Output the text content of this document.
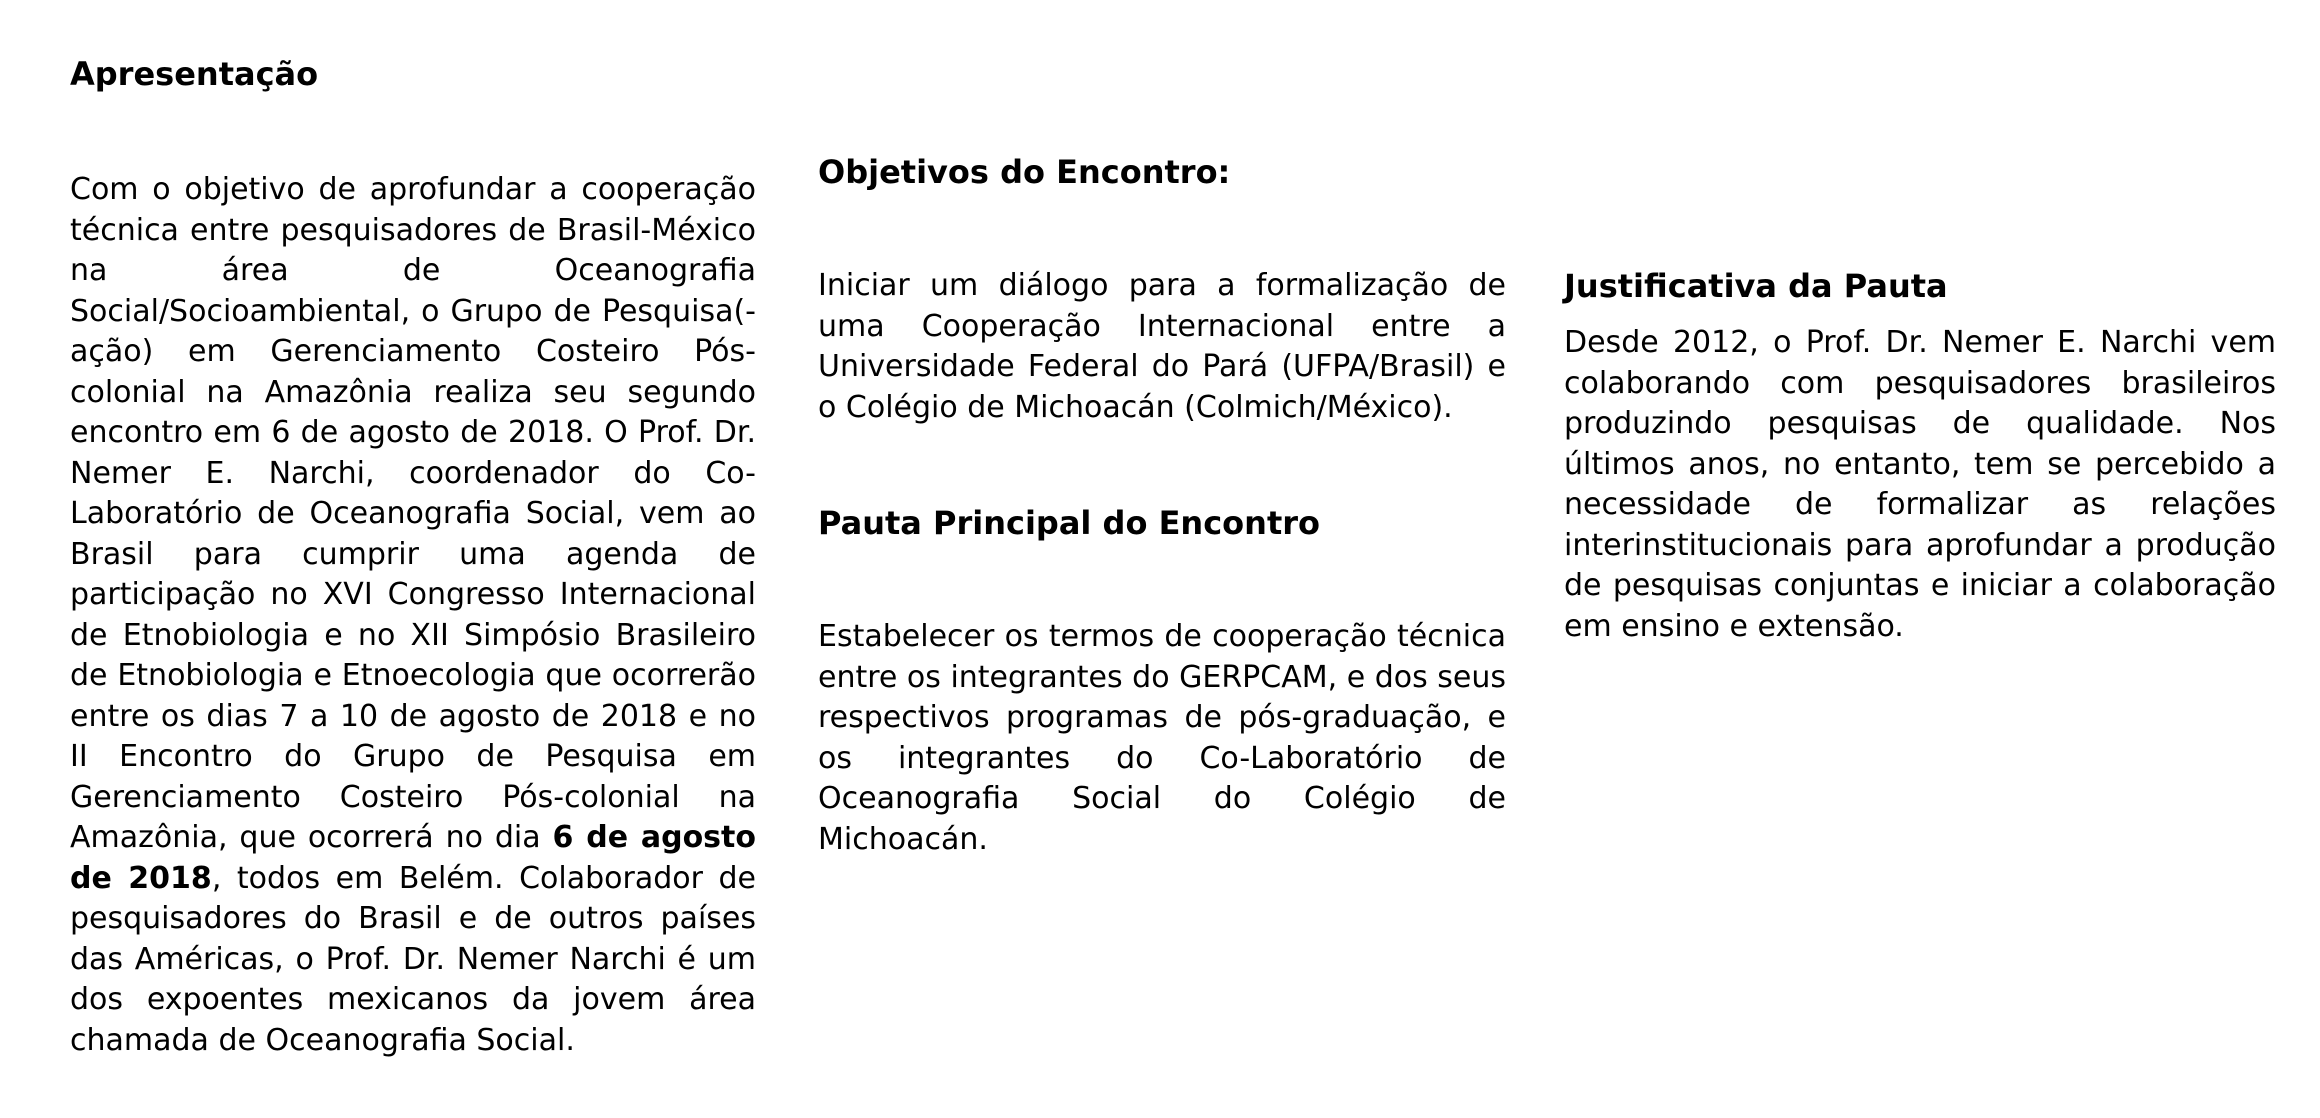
Apresentação

Com o objetivo de aprofundar a cooperação técnica entre pesquisadores de Brasil-México na área de Oceanografia Social/Socioambiental, o Grupo de Pesquisa(-ação) em Gerenciamento Costeiro Pós-colonial na Amazônia realiza seu segundo encontro em 6 de agosto de 2018. O Prof. Dr. Nemer E. Narchi, coordenador do Co-Laboratório de Oceanografia Social, vem ao Brasil para cumprir uma agenda de participação no XVI Congresso Internacional de Etnobiologia e no XII Simpósio Brasileiro de Etnobiologia e Etnoecologia que ocorrerão entre os dias 7 a 10 de agosto de 2018 e no II Encontro do Grupo de Pesquisa em Gerenciamento Costeiro Pós-colonial na Amazônia, que ocorrerá no dia 6 de agosto de 2018, todos em Belém. Colaborador de pesquisadores do Brasil e de outros países das Américas, o Prof. Dr. Nemer Narchi é um dos expoentes mexicanos da jovem área chamada de Oceanografia Social.

Objetivos do Encontro:

Iniciar um diálogo para a formalização de uma Cooperação Internacional entre a Universidade Federal do Pará (UFPA/Brasil) e o Colégio de Michoacán (Colmich/México).

Pauta Principal do Encontro

Estabelecer os termos de cooperação técnica entre os integrantes do GERPCAM, e dos seus respectivos programas de pós-graduação, e os integrantes do Co-Laboratório de Oceanografia Social do Colégio de Michoacán.

Justificativa da Pauta

Desde 2012, o Prof. Dr. Nemer E. Narchi vem colaborando com pesquisadores brasileiros produzindo pesquisas de qualidade. Nos últimos anos, no entanto, tem se percebido a necessidade de formalizar as relações interinstitucionais para aprofundar a produção de pesquisas conjuntas e iniciar a colaboração em ensino e extensão.
